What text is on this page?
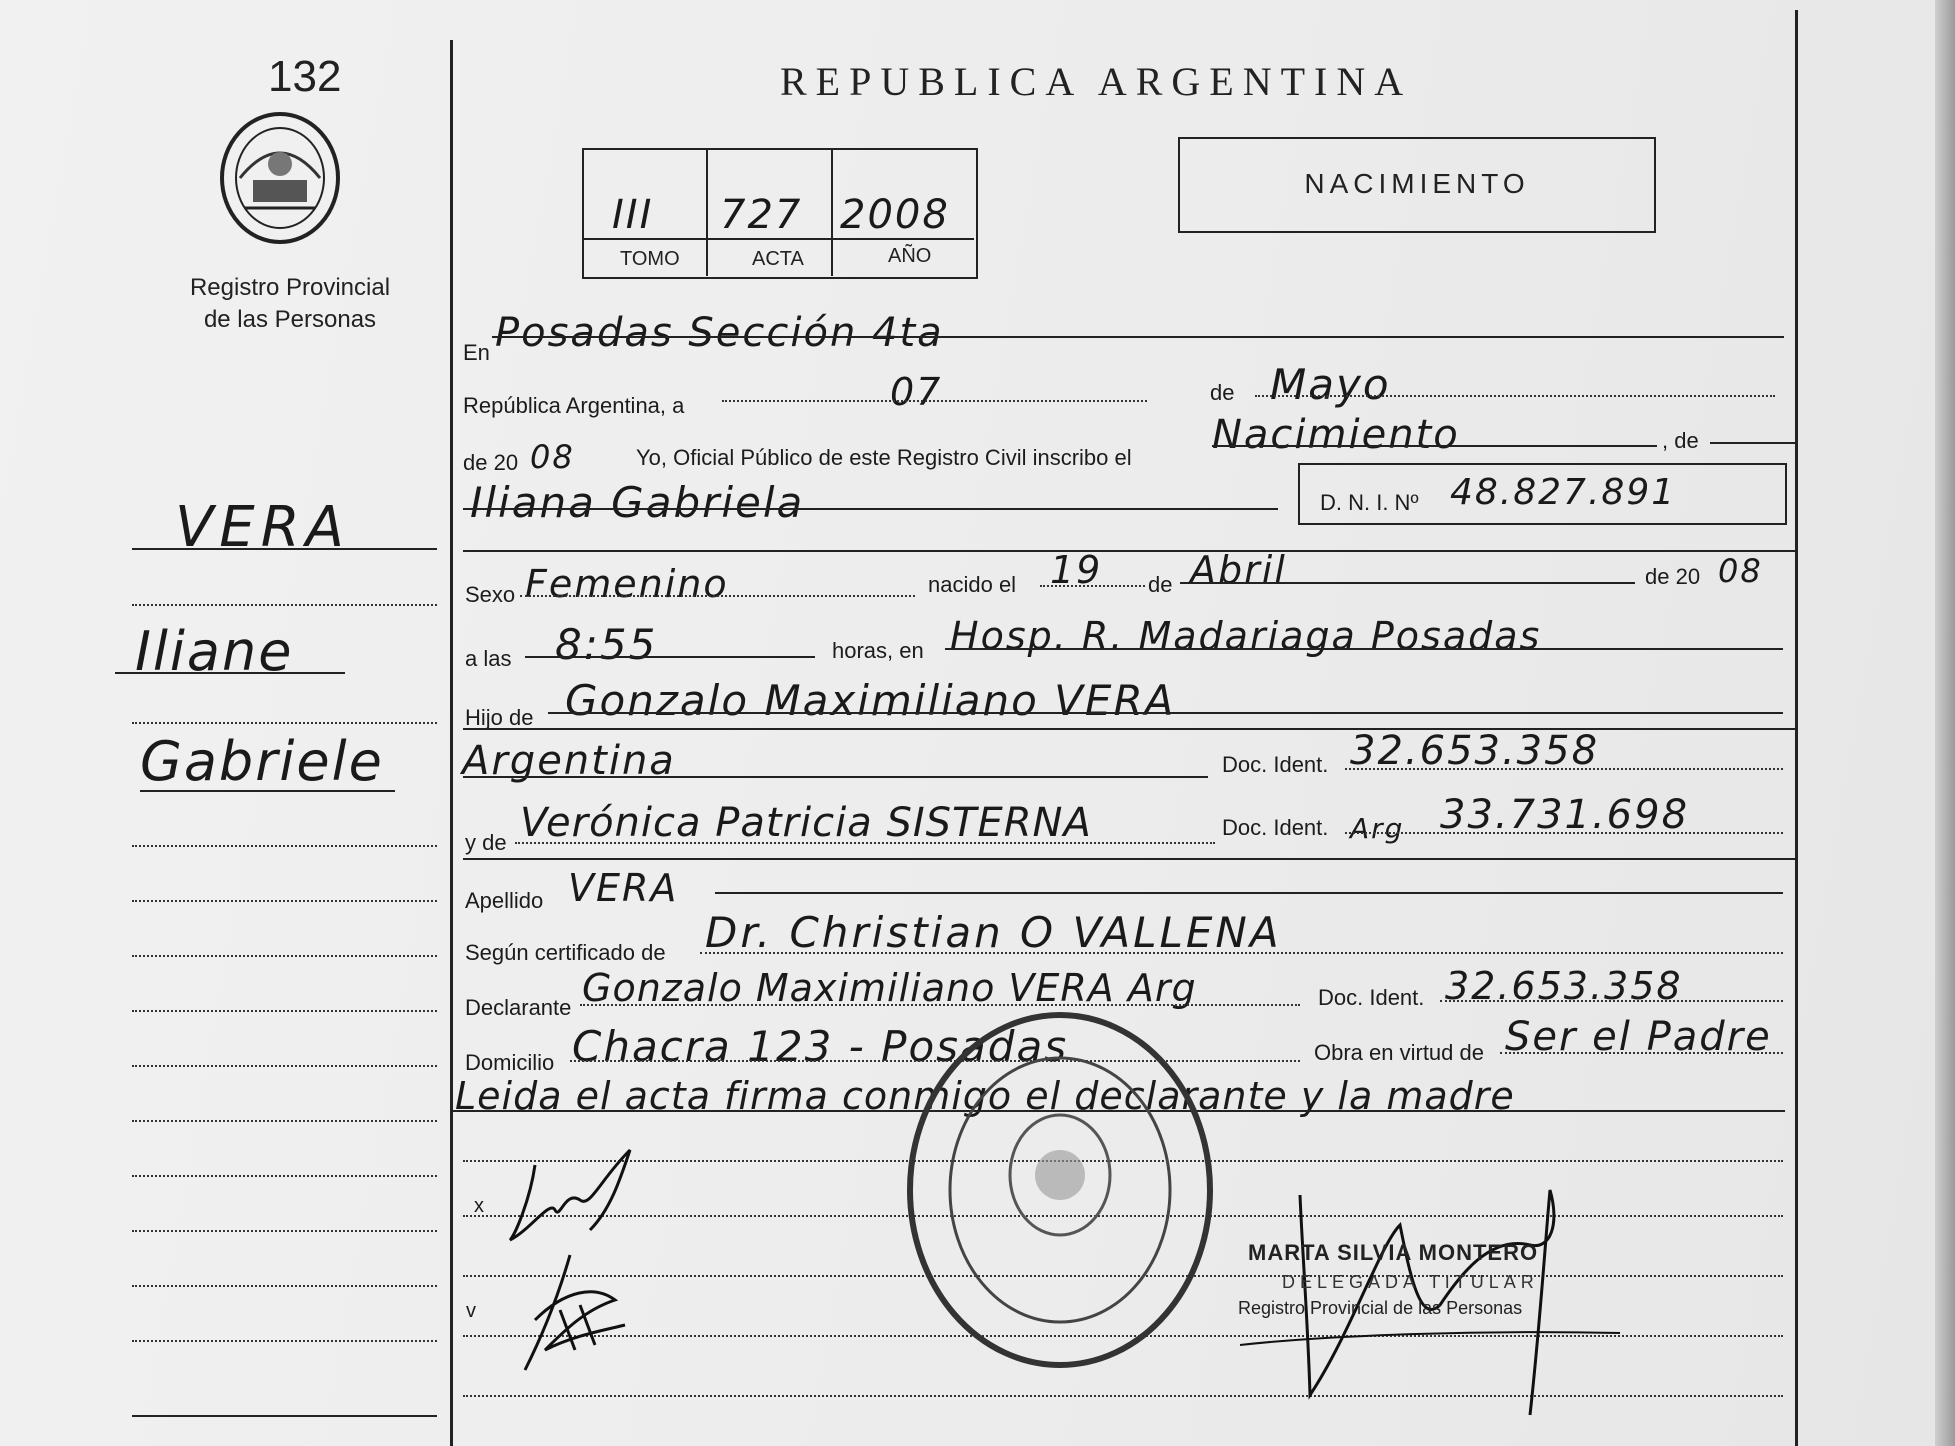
132
Registro Provincial
de las Personas
REPUBLICA ARGENTINA
III 727 2008
TOMO	ACTA	AÑO
NACIMIENTO
VERA
Iliane
Gabriele
En Posadas Sección 4ta
República Argentina, a	07	de Mayo
de 20 08	Yo, Oficial Público de este Registro Civil inscribo el Nacimiento	, de
Iliana Gabriela	D. N. I. Nº 48.827.891
Sexo Femenino	nacido el 19 de Abril	de 20 08
a las 8:55	horas, en Hosp. R. Madariaga Posadas
Hijo de Gonzalo Maximiliano VERA
Argentina	Doc. Ident. 32.653.358
y de Verónica Patricia SISTERNA	Doc. Ident. Arg 33.731.698
Apellido VERA
Según certificado de Dr. Christian O VALLENA
Declarante Gonzalo Maximiliano VERA Arg	Doc. Ident. 32.653.358
Domicilio Chacra 123 - Posadas	Obra en virtud de Ser el Padre
Leida el acta firma conmigo el declarante y la madre
x
v
MARTA SILVIA MONTERO
DELEGADA TITULAR
Registro Provincial de las Personas
